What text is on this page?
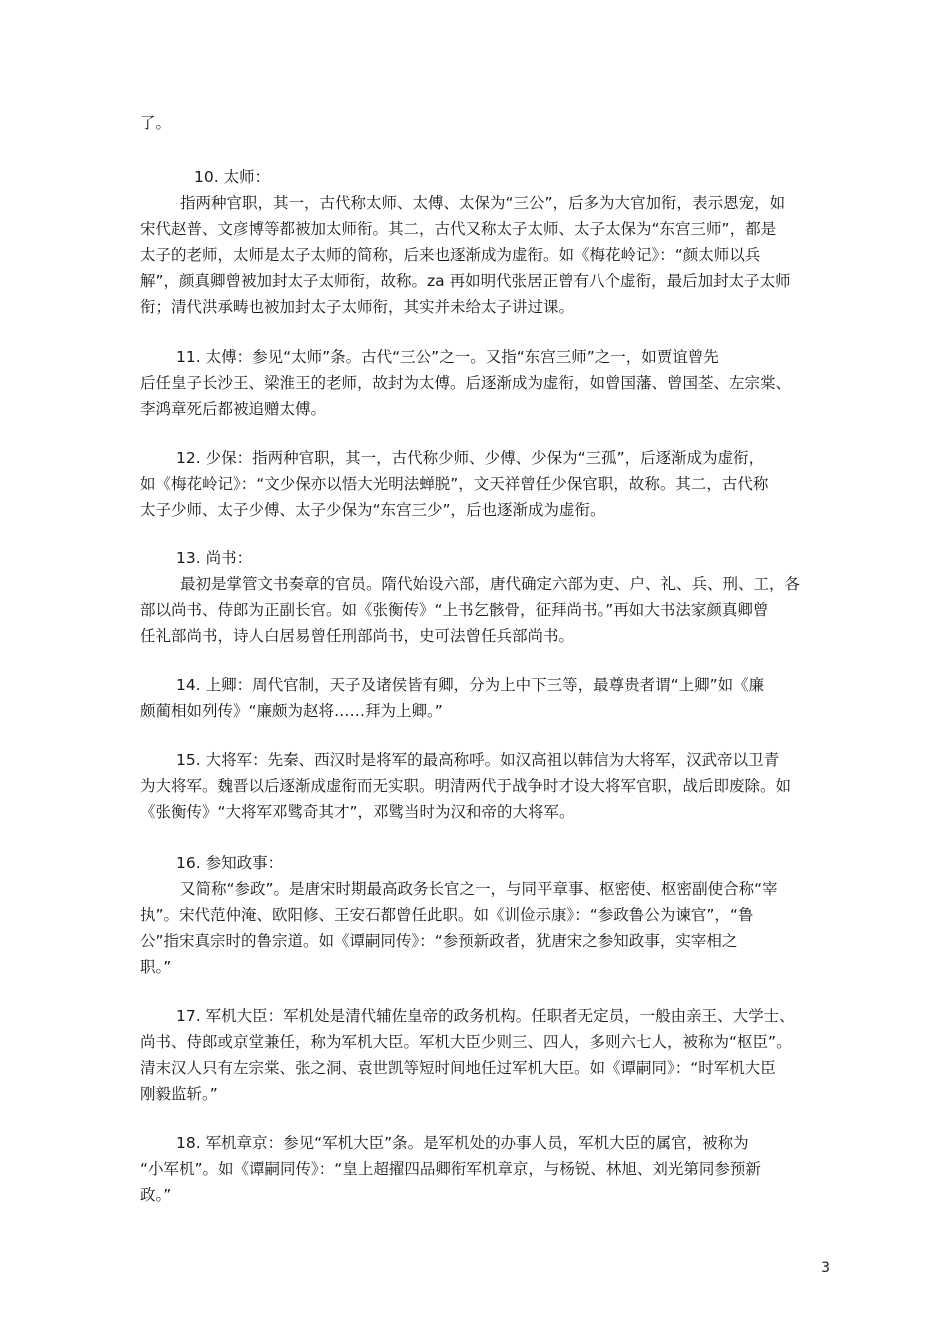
了。
10. 太师：
指两种官职，其一，古代称太师、太傅、太保为“三公”，后多为大官加衔，表示恩宠，如
宋代赵普、文彦博等都被加太师衔。其二，古代又称太子太师、太子太保为“东宫三师”，都是
太子的老师，太师是太子太师的简称，后来也逐渐成为虚衔。如《梅花岭记》：“颜太师以兵
解”，颜真卿曾被加封太子太师衔，故称。za 再如明代张居正曾有八个虚衔，最后加封太子太师
衔；清代洪承畴也被加封太子太师衔，其实并未给太子讲过课。
11. 太傅：参见“太师”条。古代“三公”之一。又指“东宫三师”之一，如贾谊曾先
后任皇子长沙王、梁淮王的老师，故封为太傅。后逐渐成为虚衔，如曾国藩、曾国荃、左宗棠、
李鸿章死后都被追赠太傅。
12. 少保：指两种官职，其一，古代称少师、少傅、少保为“三孤”，后逐渐成为虚衔，
如《梅花岭记》：“文少保亦以悟大光明法蝉脱”，文天祥曾任少保官职，故称。其二，古代称
太子少师、太子少傅、太子少保为“东宫三少”，后也逐渐成为虚衔。
13. 尚书：
最初是掌管文书奏章的官员。隋代始设六部，唐代确定六部为吏、户、礼、兵、刑、工，各
部以尚书、侍郎为正副长官。如《张衡传》“上书乞骸骨，征拜尚书。”再如大书法家颜真卿曾
任礼部尚书，诗人白居易曾任刑部尚书，史可法曾任兵部尚书。
14. 上卿：周代官制，天子及诸侯皆有卿，分为上中下三等，最尊贵者谓“上卿”如《廉
颇蔺相如列传》“廉颇为赵将……拜为上卿。”
15. 大将军：先秦、西汉时是将军的最高称呼。如汉高祖以韩信为大将军，汉武帝以卫青
为大将军。魏晋以后逐渐成虚衔而无实职。明清两代于战争时才设大将军官职，战后即废除。如
《张衡传》“大将军邓骘奇其才”，邓骘当时为汉和帝的大将军。
16. 参知政事：
又简称“参政”。是唐宋时期最高政务长官之一，与同平章事、枢密使、枢密副使合称“宰
执”。宋代范仲淹、欧阳修、王安石都曾任此职。如《训俭示康》：“参政鲁公为谏官”，“鲁
公”指宋真宗时的鲁宗道。如《谭嗣同传》：“参预新政者，犹唐宋之参知政事，实宰相之
职。”
17. 军机大臣：军机处是清代辅佐皇帝的政务机构。任职者无定员，一般由亲王、大学士、
尚书、侍郎或京堂兼任，称为军机大臣。军机大臣少则三、四人，多则六七人，被称为“枢臣”。
清末汉人只有左宗棠、张之洞、袁世凯等短时间地任过军机大臣。如《谭嗣同》：“时军机大臣
刚毅监斩。”
18. 军机章京：参见“军机大臣”条。是军机处的办事人员，军机大臣的属官，被称为
“小军机”。如《谭嗣同传》：“皇上超擢四品卿衔军机章京，与杨锐、林旭、刘光第同参预新
政。”
3
